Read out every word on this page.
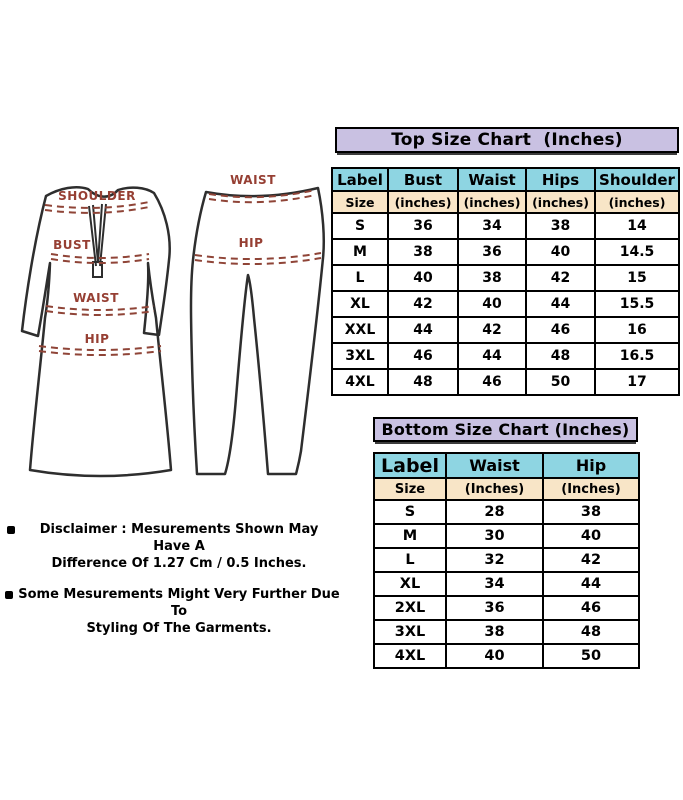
SHOULDER
BUST
WAIST
HIP
WAIST
HIP
Top Size Chart  (Inches)
Label	Bust	Waist	Hips	Shoulder
Size	(inches)	(inches)	(inches)	(inches)
S	36	34	38	14
M	38	36	40	14.5
L	40	38	42	15
XL	42	40	44	15.5
XXL	44	42	46	16
3XL	46	44	48	16.5
4XL	48	46	50	17
Bottom Size Chart (Inches)
Label	Waist	Hip
Size	(Inches)	(Inches)
S	28	38
M	30	40
L	32	42
XL	34	44
2XL	36	46
3XL	38	48
4XL	40	50
Disclaimer : Mesurements Shown May Have A
Difference Of 1.27 Cm / 0.5 Inches.
Some Mesurements Might Very Further Due To
Styling Of The Garments.
